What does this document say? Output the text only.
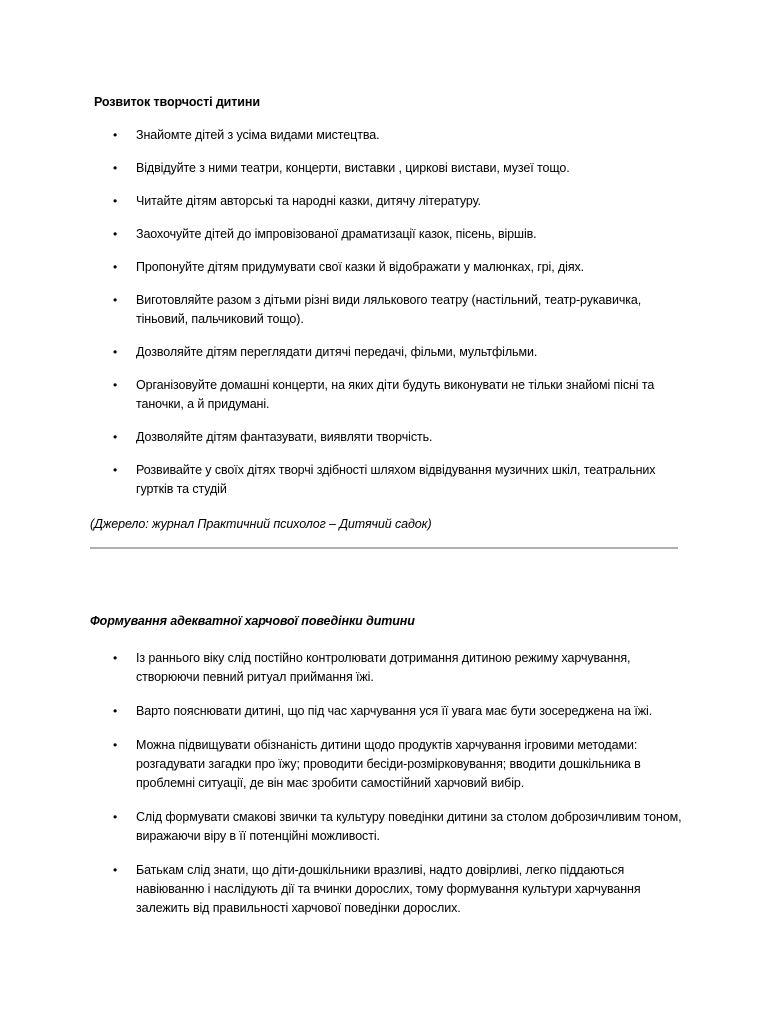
Розвиток творчості дитини
• Знайомте дітей з усіма видами мистецтва.
• Відвідуйте з ними театри, концерти, виставки , циркові вистави, музеї тощо.
• Читайте дітям авторські та народні казки, дитячу літературу.
• Заохочуйте дітей до імпровізованої драматизації казок, пісень, віршів.
• Пропонуйте дітям придумувати свої казки й відображати у малюнках, грі, діях.
• Виготовляйте разом з дітьми різні види лялькового театру (настільний, театр-рукавичка, тіньовий, пальчиковий тощо).
• Дозволяйте дітям переглядати дитячі передачі, фільми, мультфільми.
• Організовуйте домашні концерти, на яких діти будуть виконувати не тільки знайомі пісні та таночки, а й придумані.
• Дозволяйте дітям фантазувати, виявляти творчість.
• Розвивайте у своїх дітях творчі здібності шляхом відвідування музичних шкіл, театральних гуртків та студій

(Джерело: журнал Практичний психолог – Дитячий садок)

Формування адекватної харчової поведінки дитини
• Із раннього віку слід постійно контролювати дотримання дитиною режиму харчування, створюючи певний ритуал приймання їжі.
• Варто пояснювати дитині, що під час харчування уся її увага має бути зосереджена на їжі.
• Можна підвищувати обізнаність дитини щодо продуктів харчування ігровими методами: розгадувати загадки про їжу; проводити бесіди-розмірковування; вводити дошкільника в проблемні ситуації, де він має зробити самостійний харчовий вибір.
• Слід формувати смакові звички та культуру поведінки дитини за столом доброзичливим тоном, виражаючи віру в її потенційні можливості.
• Батькам слід знати, що діти-дошкільники вразливі, надто довірливі, легко піддаються навіюванню і наслідують дії та вчинки дорослих, тому формування культури харчування залежить від правильності харчової поведінки дорослих.
